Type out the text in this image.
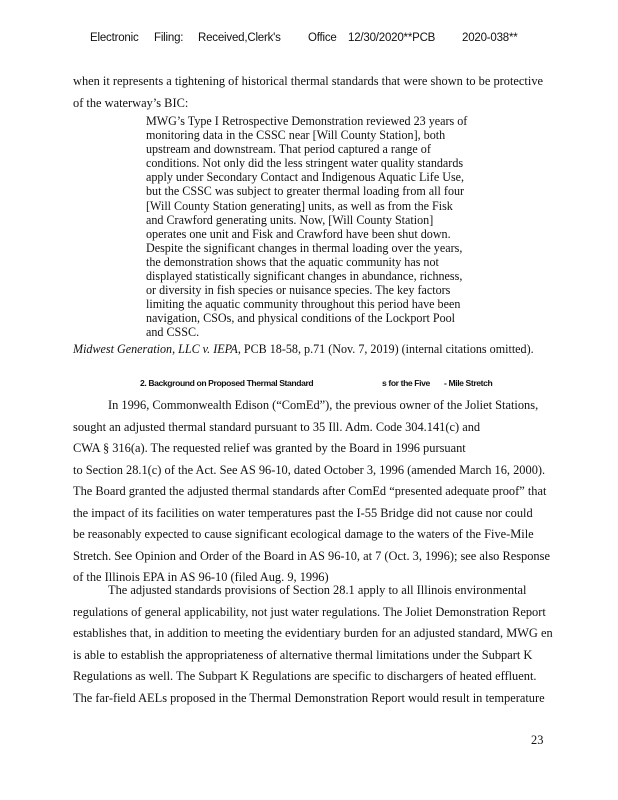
Electronic Filing: Received,Clerk's Office 12/30/2020**PCB 2020-038**

when it represents a tightening of historical thermal standards that were shown to be protective
of the waterway’s BIC:
MWG’s Type I Retrospective Demonstration reviewed 23 years of
monitoring data in the CSSC near [Will County Station], both
upstream and downstream. That period captured a range of
conditions. Not only did the less stringent water quality standards
apply under Secondary Contact and Indigenous Aquatic Life Use,
but the CSSC was subject to greater thermal loading from all four
[Will County Station generating] units, as well as from the Fisk
and Crawford generating units. Now, [Will County Station]
operates one unit and Fisk and Crawford have been shut down.
Despite the significant changes in thermal loading over the years,
the demonstration shows that the aquatic community has not
displayed statistically significant changes in abundance, richness,
or diversity in fish species or nuisance species. The key factors
limiting the aquatic community throughout this period have been
navigation, CSOs, and physical conditions of the Lockport Pool
and CSSC.
Midwest Generation, LLC v. IEPA, PCB 18-58, p.71 (Nov. 7, 2019) (internal citations omitted).
2. Background on Proposed Thermal Standard	s for the Five - Mile Stretch
In 1996, Commonwealth Edison (“ComEd”), the previous owner of the Joliet Stations,
sought an adjusted thermal standard pursuant to 35 Ill. Adm. Code 304.141(c) and
CWA § 316(a). The requested relief was granted by the Board in 1996 pursuant
to Section 28.1(c) of the Act. See AS 96-10, dated October 3, 1996 (amended March 16, 2000).
The Board granted the adjusted thermal standards after ComEd “presented adequate proof” that
the impact of its facilities on water temperatures past the I-55 Bridge did not cause nor could
be reasonably expected to cause significant ecological damage to the waters of the Five-Mile
Stretch. See Opinion and Order of the Board in AS 96-10, at 7 (Oct. 3, 1996); see also Response
of the Illinois EPA in AS 96-10 (filed Aug. 9, 1996)
The adjusted standards provisions of Section 28.1 apply to all Illinois environmental
regulations of general applicability, not just water regulations. The Joliet Demonstration Report
establishes that, in addition to meeting the evidentiary burden for an adjusted standard, MWG en
is able to establish the appropriateness of alternative thermal limitations under the Subpart K
Regulations as well. The Subpart K Regulations are specific to dischargers of heated effluent.
The far-field AELs proposed in the Thermal Demonstration Report would result in temperature
23
